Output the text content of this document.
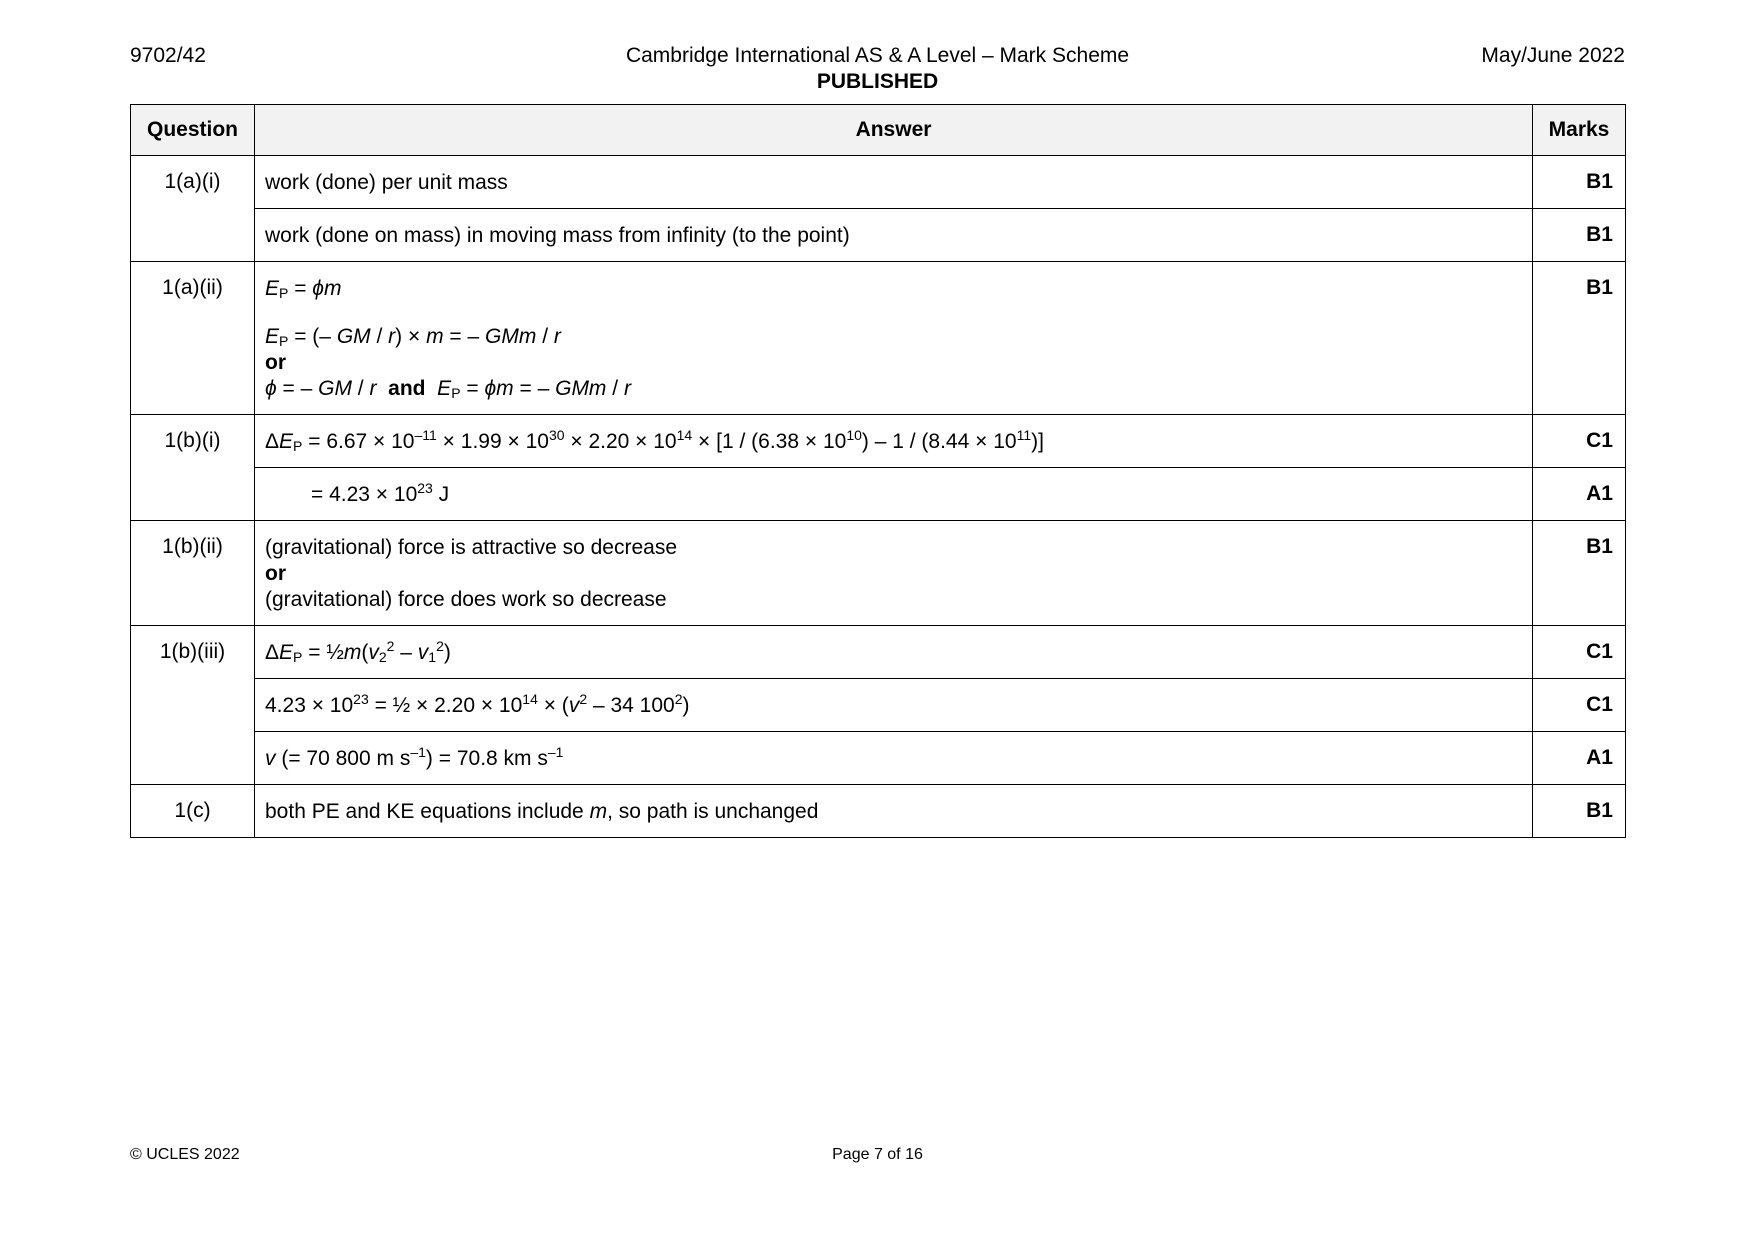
9702/42	Cambridge International AS & A Level – Mark Scheme
PUBLISHED
May/June 2022
Question	Answer	Marks
1(a)(i)	work (done) per unit mass	B1
	work (done on mass) in moving mass from infinity (to the point)	B1
1(a)(ii)	$E_P = \phi m$
$E_P$ = (– GM / r) × m = – GMm / r
or
ϕ = – GM / r and $E_P = \phi m$ = – GMm / r	B1
1(b)(i)	$\Delta E_P = 6.67 \times 10^{-11} \times 1.99 \times 10^{30} \times 2.20 \times 10^{14} \times [1 / (6.38 \times 10^{10}) - 1 / (8.44 \times 10^{11})]$	C1
	= $4.23 \times 10^{23}$ J	A1
1(b)(ii)	(gravitational) force is attractive so decrease
or
(gravitational) force does work so decrease	B1
1(b)(iii)	$\Delta E_P$ = $\frac{1}{2}m(v_2^2 - v_1^2)$	C1
	$4.23 \times 10^{23}$ = ½ × $2.20 \times 10^{14} \times (v^2 - 34$ $100^2$)	C1
	v (= 70 800 m $s^{-1}) = 70.8$ km $s^{-1}$	A1
1(c)	both PE and KE equations include m, so path is unchanged	B1
© UCLES 2022	Page 7 of 16
